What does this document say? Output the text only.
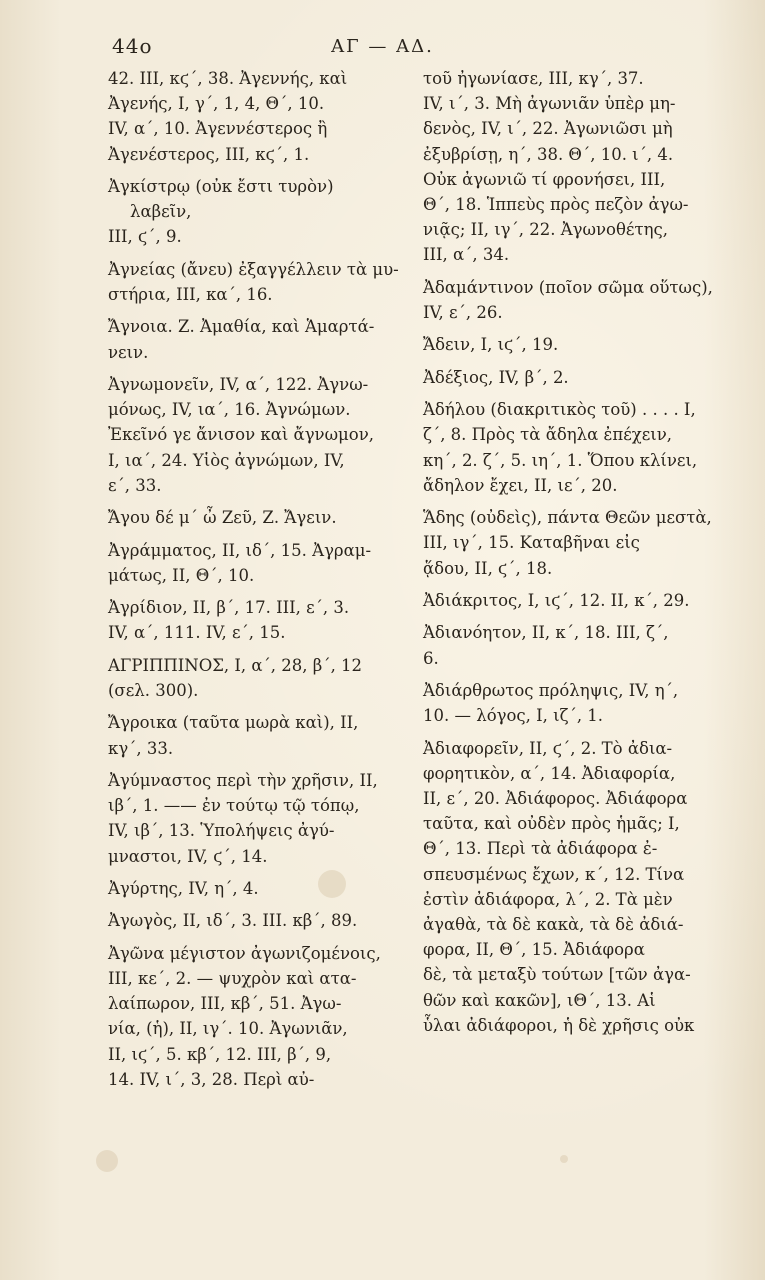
44o	ΑΓ — ΑΔ.
42. III, κϛ΄, 38. Ἀγεννής, καὶ
Ἀγενής, I, γ΄, 1, 4, Θ΄, 10.
IV, α΄, 10. Ἀγεννέστερος ἢ
Ἀγενέστερος, III, κϛ΄, 1.
Ἀγκίστρῳ (οὐκ ἔστι τυρὸν) λαβεῖν,
III, ϛ΄, 9.
Ἀγνείας (ἄνευ) ἐξαγγέλλειν τὰ μυ-
στήρια, III, κα΄, 16.
Ἄγνοια. Ζ. Ἀμαθία, καὶ Ἁμαρτά-
νειν.
Ἀγνωμονεῖν, IV, α΄, 122. Ἀγνω-
μόνως, IV, ια΄, 16. Ἀγνώμων.
Ἐκεῖνό γε ἄνισον καὶ ἄγνωμον,
I, ια΄, 24. Υἱὸς ἀγνώμων, IV,
ε΄, 33.
Ἄγου δέ μ΄ ὦ Ζεῦ, Ζ. Ἄγειν.
Ἀγράμματος, II, ιδ΄, 15. Ἀγραμ-
μάτως, II, Θ΄, 10.
Ἀγρίδιον, II, β΄, 17. III, ε΄, 3.
IV, α΄, 111. IV, ε΄, 15.
ΑΓΡΙΠΠΙΝΟΣ, I, α΄, 28, β΄, 12
(σελ. 300).
Ἄγροικα (ταῦτα μωρὰ καὶ), II,
κγ΄, 33.
Ἀγύμναστος περὶ τὴν χρῆσιν, II,
ιβ΄, 1. —— ἐν τούτῳ τῷ τόπῳ,
IV, ιβ΄, 13. Ὑπολήψεις ἀγύ-
μναστοι, IV, ϛ΄, 14.
Ἀγύρτης, IV, η΄, 4.
Ἀγωγὸς, II, ιδ΄, 3. III. κβ΄, 89.
Ἀγῶνα μέγιστον ἀγωνιζομένοις,
III, κε΄, 2. — ψυχρὸν καὶ ατα-
λαίπωρον, III, κβ΄, 51. Ἀγω-
νία, (ἡ), II, ιγ΄. 10. Ἀγωνιᾶν,
II, ιϛ΄, 5. κβ΄, 12. III, β΄, 9,
14. IV, ι΄, 3, 28. Περὶ αὐ-
τοῦ ἠγωνίασε, III, κγ΄, 37.
IV, ι΄, 3. Μὴ ἀγωνιᾶν ὑπὲρ μη-
δενὸς, IV, ι΄, 22. Ἀγωνιῶσι μὴ
ἐξυβρίσῃ, η΄, 38. Θ΄, 10. ι΄, 4.
Οὐκ ἀγωνιῶ τί φρονήσει, III,
Θ΄, 18. Ἱππεὺς πρὸς πεζὸν ἀγω-
νιᾷς; II, ιγ΄, 22. Ἀγωνοθέτης,
III, α΄, 34.
Ἀδαμάντινον (ποῖον σῶμα οὕτως),
IV, ε΄, 26.
Ἄδειν, I, ιϛ΄, 19.
Ἀδέξιος, IV, β΄, 2.
Ἀδήλου (διακριτικὸς τοῦ) . . . . I,
ζ΄, 8. Πρὸς τὰ ἄδηλα ἐπέχειν,
κη΄, 2. ζ΄, 5. ιη΄, 1. Ὅπου κλίνει,
ἄδηλον ἔχει, II, ιε΄, 20.
Ἅδης (οὐδεὶς), πάντα Θεῶν μεστὰ,
III, ιγ΄, 15. Καταβῆναι εἰς
ᾅδου, II, ϛ΄, 18.
Ἀδιάκριτος, I, ιϛ΄, 12. II, κ΄, 29.
Ἀδιανόητον, II, κ΄, 18. III, ζ΄,
6.
Ἀδιάρθρωτος πρόληψις, IV, η΄,
10. — λόγος, I, ιζ΄, 1.
Ἀδιαφορεῖν, II, ϛ΄, 2. Τὸ ἀδια-
φορητικὸν, α΄, 14. Ἀδιαφορία,
II, ε΄, 20. Ἀδιάφορος. Ἀδιάφορα
ταῦτα, καὶ οὐδὲν πρὸς ἡμᾶς; I,
Θ΄, 13. Περὶ τὰ ἀδιάφορα ἐ-
σπευσμένως ἔχων, κ΄, 12. Τίνα
ἐστὶν ἀδιάφορα, λ΄, 2. Τὰ μὲν
ἀγαθὰ, τὰ δὲ κακὰ, τὰ δὲ ἀδιά-
φορα, II, Θ΄, 15. Ἀδιάφορα
δὲ, τὰ μεταξὺ τούτων [τῶν ἀγα-
θῶν καὶ κακῶν], ιΘ΄, 13. Αἱ
ὗλαι ἀδιάφοροι, ἡ δὲ χρῆσις οὐκ
